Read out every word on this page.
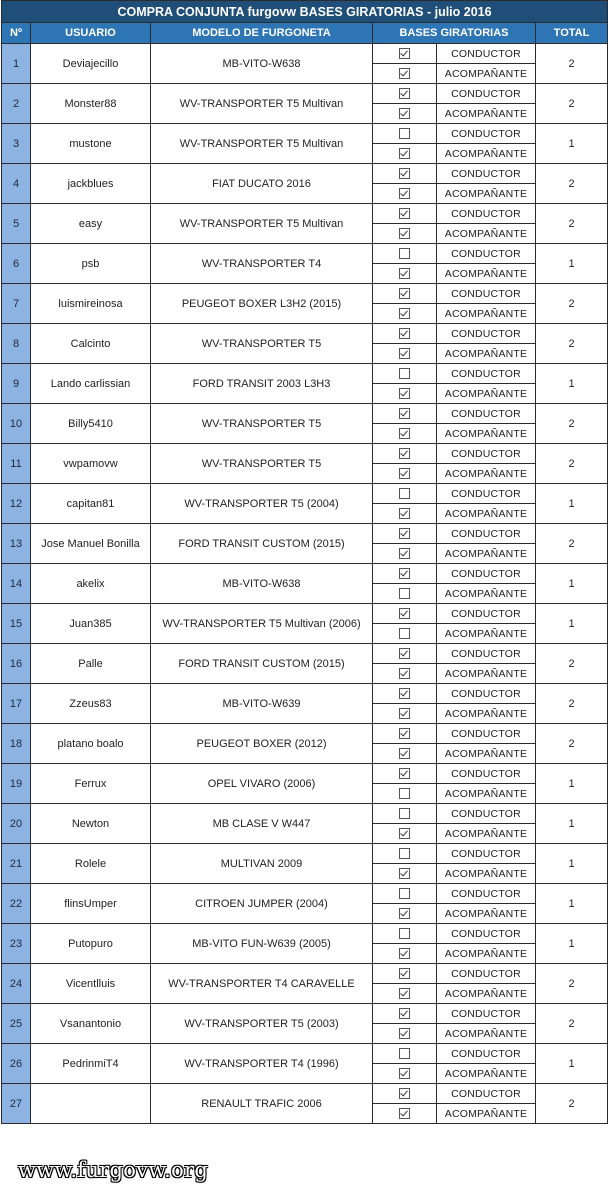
COMPRA CONJUNTA furgovw BASES GIRATORIAS - julio 2016					
Nº	USUARIO	MODELO DE FURGONETA	BASES GIRATORIAS		TOTAL
1	Deviajecillo	MB-VITO-W638		CONDUCTOR	2
				ACOMPAÑANTE	
2	Monster88	WV-TRANSPORTER T5 Multivan		CONDUCTOR	2
				ACOMPAÑANTE	
3	mustone	WV-TRANSPORTER T5 Multivan		CONDUCTOR	1
				ACOMPAÑANTE	
4	jackblues	FIAT DUCATO 2016		CONDUCTOR	2
				ACOMPAÑANTE	
5	easy	WV-TRANSPORTER T5 Multivan		CONDUCTOR	2
				ACOMPAÑANTE	
6	psb	WV-TRANSPORTER T4		CONDUCTOR	1
				ACOMPAÑANTE	
7	luismireinosa	PEUGEOT BOXER L3H2 (2015)		CONDUCTOR	2
				ACOMPAÑANTE	
8	Calcinto	WV-TRANSPORTER T5		CONDUCTOR	2
				ACOMPAÑANTE	
9	Lando carlissian	FORD TRANSIT 2003 L3H3		CONDUCTOR	1
				ACOMPAÑANTE	
10	Billy5410	WV-TRANSPORTER T5		CONDUCTOR	2
				ACOMPAÑANTE	
11	vwpamovw	WV-TRANSPORTER T5		CONDUCTOR	2
				ACOMPAÑANTE	
12	capitan81	WV-TRANSPORTER T5 (2004)		CONDUCTOR	1
				ACOMPAÑANTE	
13	Jose Manuel Bonilla	FORD TRANSIT CUSTOM (2015)		CONDUCTOR	2
				ACOMPAÑANTE	
14	akelix	MB-VITO-W638		CONDUCTOR	1
				ACOMPAÑANTE	
15	Juan385	WV-TRANSPORTER T5 Multivan (2006)		CONDUCTOR	1
				ACOMPAÑANTE	
16	Palle	FORD TRANSIT CUSTOM (2015)		CONDUCTOR	2
				ACOMPAÑANTE	
17	Zzeus83	MB-VITO-W639		CONDUCTOR	2
				ACOMPAÑANTE	
18	platano boalo	PEUGEOT BOXER (2012)		CONDUCTOR	2
				ACOMPAÑANTE	
19	Ferrux	OPEL VIVARO (2006)		CONDUCTOR	1
				ACOMPAÑANTE	
20	Newton	MB CLASE V W447		CONDUCTOR	1
				ACOMPAÑANTE	
21	Rolele	MULTIVAN 2009		CONDUCTOR	1
				ACOMPAÑANTE	
22	flinsUmper	CITROEN JUMPER (2004)		CONDUCTOR	1
				ACOMPAÑANTE	
23	Putopuro	MB-VITO FUN-W639 (2005)		CONDUCTOR	1
				ACOMPAÑANTE	
24	Vicentlluis	WV-TRANSPORTER T4 CARAVELLE		CONDUCTOR	2
				ACOMPAÑANTE	
25	Vsanantonio	WV-TRANSPORTER T5 (2003)		CONDUCTOR	2
				ACOMPAÑANTE	
26	PedrinmiT4	WV-TRANSPORTER T4 (1996)		CONDUCTOR	1
				ACOMPAÑANTE	
27		RENAULT TRAFIC 2006		CONDUCTOR	2
				ACOMPAÑANTE	
www.furgovw.org
